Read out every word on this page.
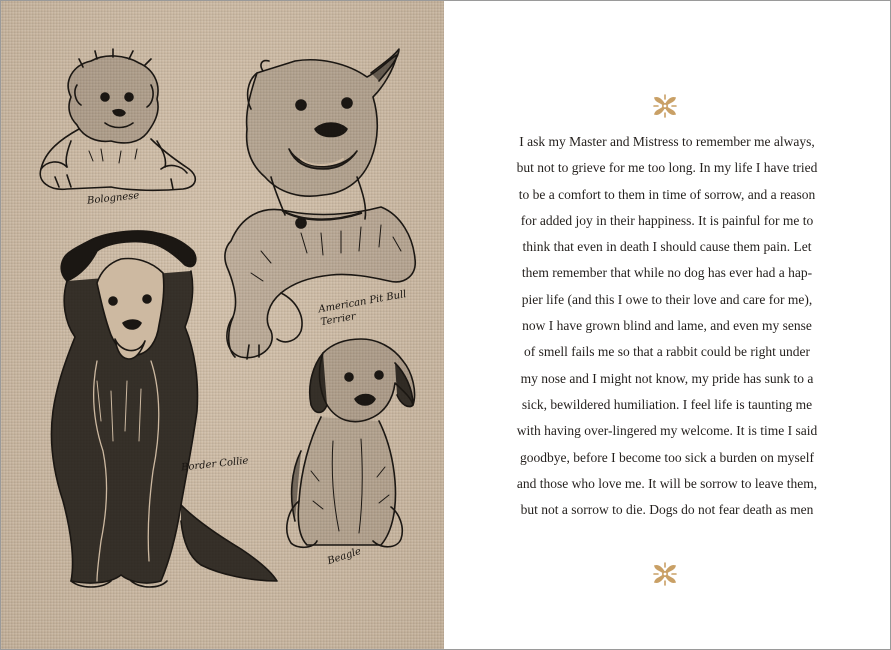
Bolognese
American Pit Bull Terrier
Border Collie
Beagle
I ask my Master and Mistress to remember me always,
but not to grieve for me too long. In my life I have tried
to be a comfort to them in time of sorrow, and a reason
for added joy in their happiness. It is painful for me to
think that even in death I should cause them pain. Let
them remember that while no dog has ever had a hap-
pier life (and this I owe to their love and care for me),
now I have grown blind and lame, and even my sense
of smell fails me so that a rabbit could be right under
my nose and I might not know, my pride has sunk to a
sick, bewildered humiliation. I feel life is taunting me
with having over-lingered my welcome. It is time I said
goodbye, before I become too sick a burden on myself
and those who love me. It will be sorrow to leave them,
but not a sorrow to die. Dogs do not fear death as men
